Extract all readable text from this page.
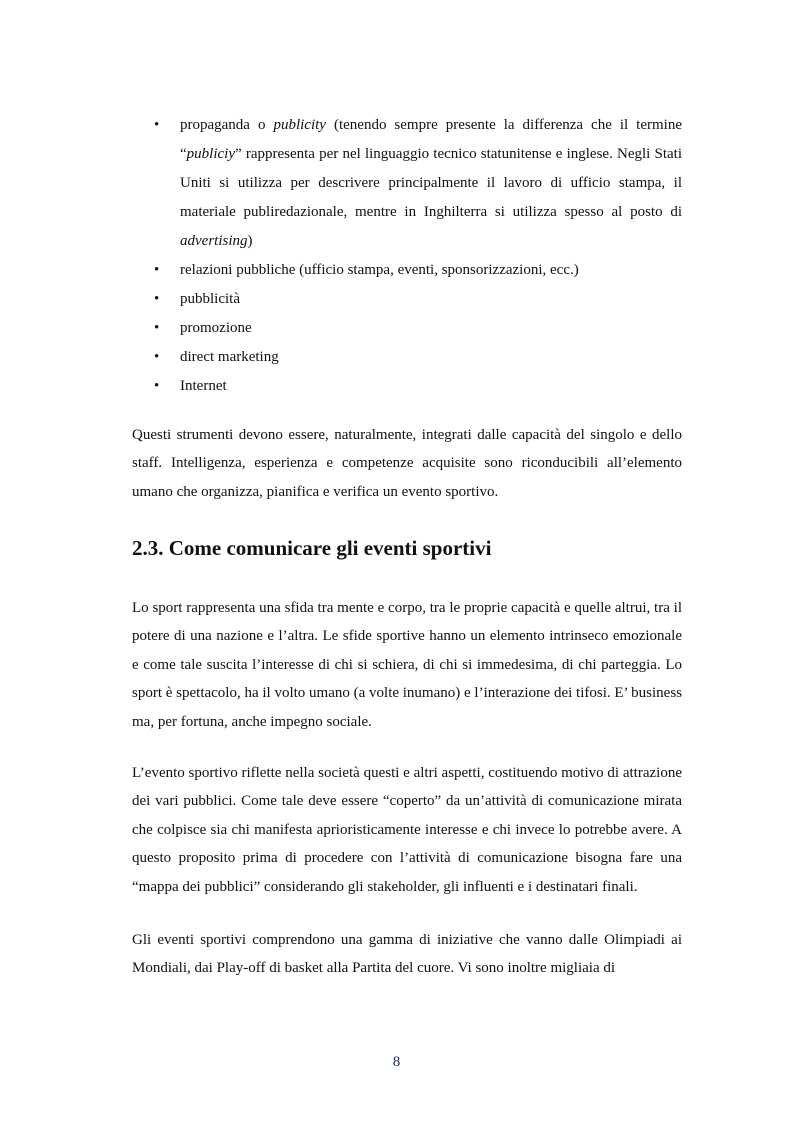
• propaganda o publicity (tenendo sempre presente la differenza che il termine “publiciy” rappresenta per nel linguaggio tecnico statunitense e inglese. Negli Stati Uniti si utilizza per descrivere principalmente il lavoro di ufficio stampa, il materiale publiredazionale, mentre in Inghilterra si utilizza spesso al posto di advertising)
• relazioni pubbliche (ufficio stampa, eventi, sponsorizzazioni, ecc.)
• pubblicità
• promozione
• direct marketing
• Internet

Questi strumenti devono essere, naturalmente, integrati dalle capacità del singolo e dello staff. Intelligenza, esperienza e competenze acquisite sono riconducibili all’elemento umano che organizza, pianifica e verifica un evento sportivo.

2.3. Come comunicare gli eventi sportivi

Lo sport rappresenta una sfida tra mente e corpo, tra le proprie capacità e quelle altrui, tra il potere di una nazione e l’altra. Le sfide sportive hanno un elemento intrinseco emozionale e come tale suscita l’interesse di chi si schiera, di chi si immedesima, di chi parteggia. Lo sport è spettacolo, ha il volto umano (a volte inumano) e l’interazione dei tifosi. E’ business ma, per fortuna, anche impegno sociale.

L’evento sportivo riflette nella società questi e altri aspetti, costituendo motivo di attrazione dei vari pubblici. Come tale deve essere “coperto” da un’attività di comunicazione mirata che colpisce sia chi manifesta aprioristicamente interesse e chi invece lo potrebbe avere. A questo proposito prima di procedere con l’attività di comunicazione bisogna fare una “mappa dei pubblici” considerando gli stakeholder, gli influenti e i destinatari finali.

Gli eventi sportivi comprendono una gamma di iniziative che vanno dalle Olimpiadi ai Mondiali, dai Play-off di basket alla Partita del cuore. Vi sono inoltre migliaia di

8
